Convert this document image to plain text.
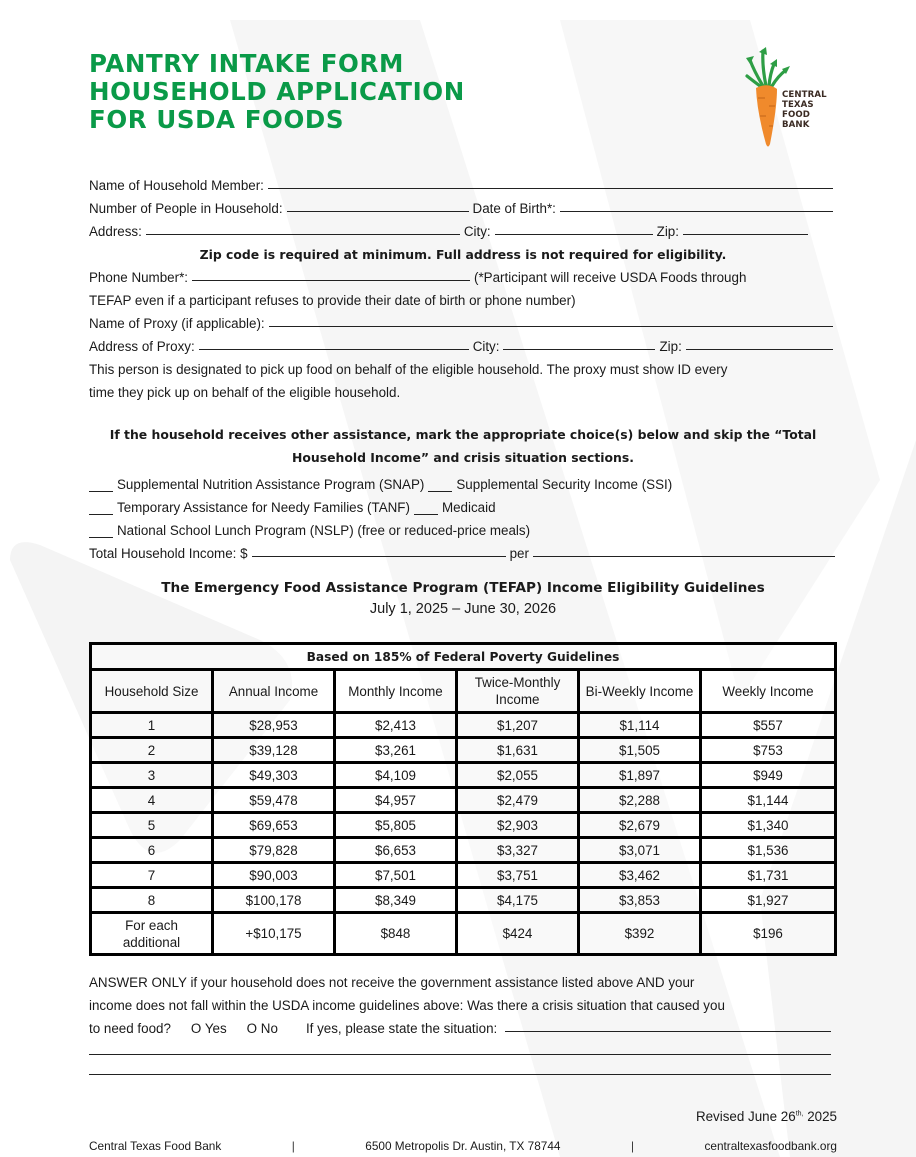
PANTRY INTAKE FORM
HOUSEHOLD APPLICATION
FOR USDA FOODS
CENTRAL
TEXAS
FOOD
BANK
Name of Household Member:
Number of People in Household:	Date of Birth*:
Address:	City:	Zip:
Zip code is required at minimum. Full address is not required for eligibility.
Phone Number*:	(*Participant will receive USDA Foods through
TEFAP even if a participant refuses to provide their date of birth or phone number)
Name of Proxy (if applicable):
Address of Proxy:	City:	Zip:
This person is designated to pick up food on behalf of the eligible household. The proxy must show ID every
time they pick up on behalf of the eligible household.
If the household receives other assistance, mark the appropriate choice(s) below and skip the “Total
Household Income” and crisis situation sections.
Supplemental Nutrition Assistance Program (SNAP) Supplemental Security Income (SSI)
Temporary Assistance for Needy Families (TANF) Medicaid
National School Lunch Program (NSLP) (free or reduced-price meals)
Total Household Income: $	per
The Emergency Food Assistance Program (TEFAP) Income Eligibility Guidelines
July 1, 2025 – June 30, 2026
Based on 185% of Federal Poverty Guidelines					
Household Size	Annual Income	Monthly Income	Twice-Monthly Income	Bi-Weekly Income	Weekly Income
1	$28,953	$2,413	$1,207	$1,114	$557
2	$39,128	$3,261	$1,631	$1,505	$753
3	$49,303	$4,109	$2,055	$1,897	$949
4	$59,478	$4,957	$2,479	$2,288	$1,144
5	$69,653	$5,805	$2,903	$2,679	$1,340
6	$79,828	$6,653	$3,327	$3,071	$1,536
7	$90,003	$7,501	$3,751	$3,462	$1,731
8	$100,178	$8,349	$4,175	$3,853	$1,927
For each additional	+$10,175	$848	$424	$392	$196
ANSWER ONLY if your household does not receive the government assistance listed above AND your
income does not fall within the USDA income guidelines above: Was there a crisis situation that caused you
to need food? O Yes O No If yes, please state the situation:
Revised June $26^{th,}$ 2025
Central Texas Food Bank	|	6500 Metropolis Dr. Austin, TX 78744	|	centraltexasfoodbank.org
